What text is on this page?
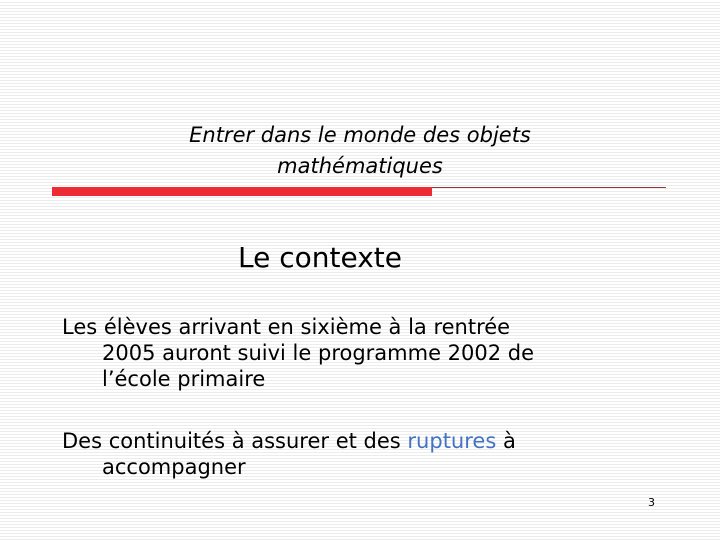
Entrer dans le monde des objets
mathématiques
Le contexte
Les élèves arrivant en sixième à la rentrée
2005 auront suivi le programme 2002 de
l’école primaire
Des continuités à assurer et des ruptures à
accompagner
3
